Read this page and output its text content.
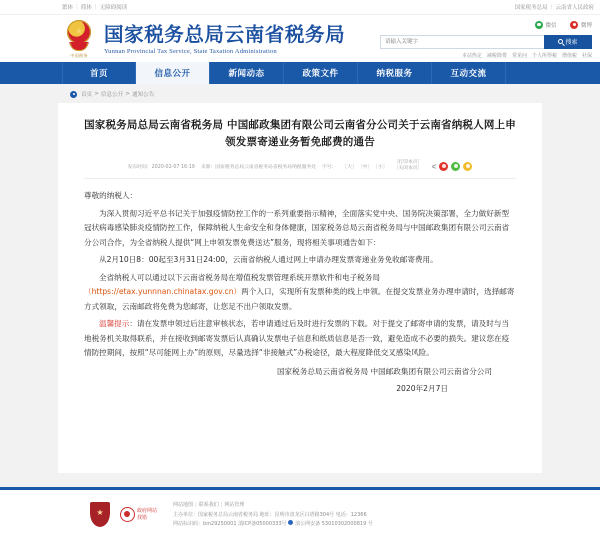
繁体 | 简体 | 无障碍阅读	国家税务总局 | 云南省人民政府
★
中国税务
国家税务总局云南省税务局
Yunnan Provincial Tax Service, State Taxation Administration
微信	微博
请输入关键字
搜索
本站热定 减税降费 常见问 个人所得税 增值税 社保
首页	信息公开	新闻动态	政策文件	纳税服务	互动交流
首页 > 信息公开 > 通知公告
国家税务局总局云南省税务局 中国邮政集团有限公司云南省分公司关于云南省纳税人网上申领发票寄递业务暂免邮费的通告
发布时间：2020-02-07 16:19 来源：国家税务总局云南省税务局省税务局纳税服务处 字号： ［大］ ［中］ ［小］
［打印本页］
［关闭本页］

尊敬的纳税人：

为深入贯彻习近平总书记关于加强疫情防控工作的一系列重要指示精神，全面落实党中央、国务院决策部署，全力做好新型冠状病毒感染肺炎疫情防控工作，保障纳税人生命安全和身体健康，国家税务总局云南省税务局与中国邮政集团有限公司云南省分公司合作，为全省纳税人提供“网上申领发票免费送达”服务，现将相关事项通告如下：

从2月10日8：00起至3月31日24:00，云南省纳税人通过网上申请办理发票寄递业务免收邮寄费用。

全省纳税人可以通过以下云南省税务局在增值税发票管理系统开票软件和电子税务局（https://etax.yunnnan.chinatax.gov.cn）两个入口，实现所有发票种类的线上申领。在提交发票业务办理申请时，选择邮寄方式领取，云南邮政将免费为您邮寄，让您足不出户领取发票。

温馨提示：请在发票申领过后注意审核状态，若申请通过后及时进行发票的下载。对于提交了邮寄申请的发票，请及时与当地税务机关取得联系，并在接收到邮寄发票后认真确认发票电子信息和纸质信息是否一致，避免造成不必要的损失。建议您在疫情防控期间，按照“尽可能网上办”的原则，尽量选择“非接触式”办税途径，最大程度降低交叉感染风险。

国家税务总局云南省税务局 中国邮政集团有限公司云南省分公司

2020年2月7日

★
政府网站
找错
网站地图 | 联系我们 | 网站管理
主办单位：国家税务总局云南省税务局 地址：昆明市盘龙区白塔路304号 电话：12366
网站标识码：bm29250001 滇ICP备05000333号 滇公网安备 53010302000819 号
